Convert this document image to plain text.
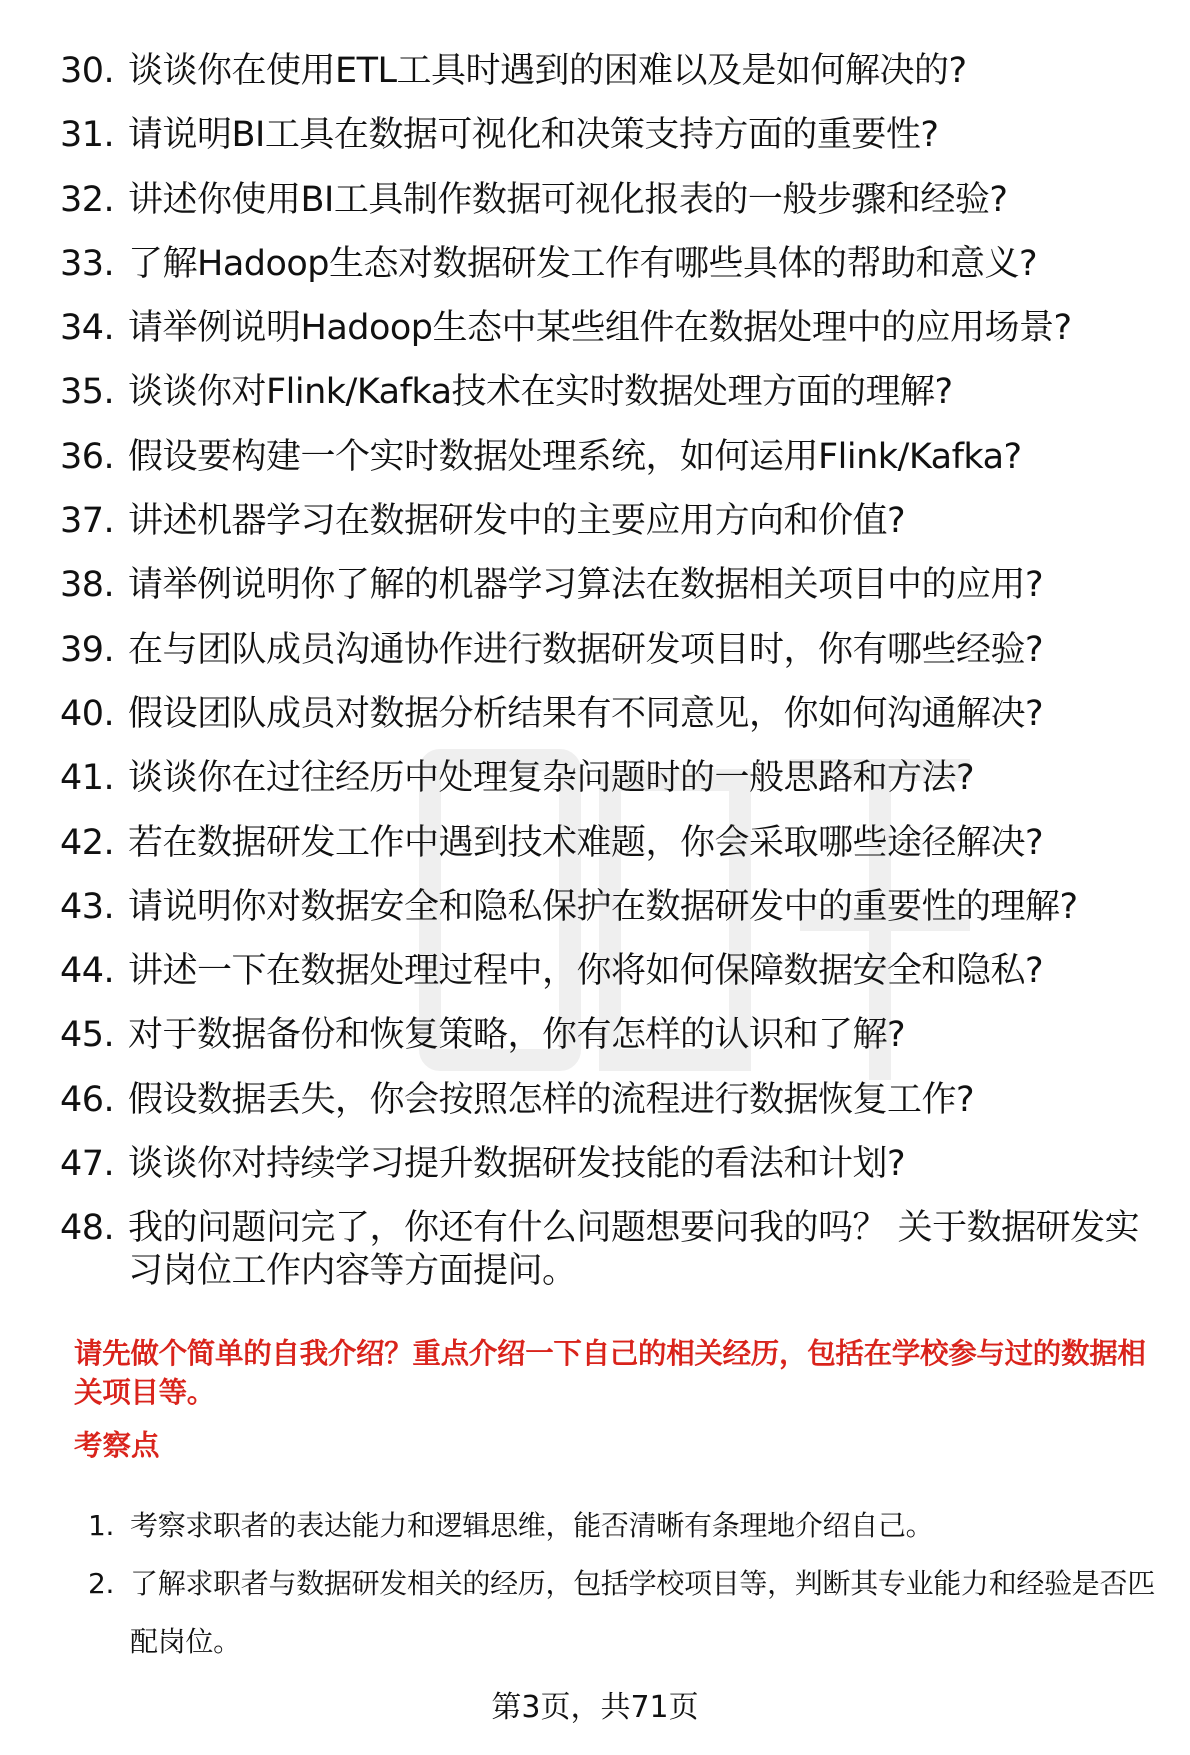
30. 谈谈你在使用ETL工具时遇到的困难以及是如何解决的?
31. 请说明BI工具在数据可视化和决策支持方面的重要性?
32. 讲述你使用BI工具制作数据可视化报表的一般步骤和经验?
33. 了解Hadoop生态对数据研发工作有哪些具体的帮助和意义?
34. 请举例说明Hadoop生态中某些组件在数据处理中的应用场景?
35. 谈谈你对Flink/Kafka技术在实时数据处理方面的理解?
36. 假设要构建一个实时数据处理系统，如何运用Flink/Kafka?
37. 讲述机器学习在数据研发中的主要应用方向和价值?
38. 请举例说明你了解的机器学习算法在数据相关项目中的应用?
39. 在与团队成员沟通协作进行数据研发项目时，你有哪些经验?
40. 假设团队成员对数据分析结果有不同意见，你如何沟通解决?
41. 谈谈你在过往经历中处理复杂问题时的一般思路和方法?
42. 若在数据研发工作中遇到技术难题，你会采取哪些途径解决?
43. 请说明你对数据安全和隐私保护在数据研发中的重要性的理解?
44. 讲述一下在数据处理过程中，你将如何保障数据安全和隐私?
45. 对于数据备份和恢复策略，你有怎样的认识和了解?
46. 假设数据丢失，你会按照怎样的流程进行数据恢复工作?
47. 谈谈你对持续学习提升数据研发技能的看法和计划?
48. 我的问题问完了，你还有什么问题想要问我的吗？ 关于数据研发实习岗位工作内容等方面提问。

请先做个简单的自我介绍？重点介绍一下自己的相关经历，包括在学校参与过的数据相关项目等。

考察点

1. 考察求职者的表达能力和逻辑思维，能否清晰有条理地介绍自己。
2. 了解求职者与数据研发相关的经历，包括学校项目等，判断其专业能力和经验是否匹配岗位。
第3页，共71页
